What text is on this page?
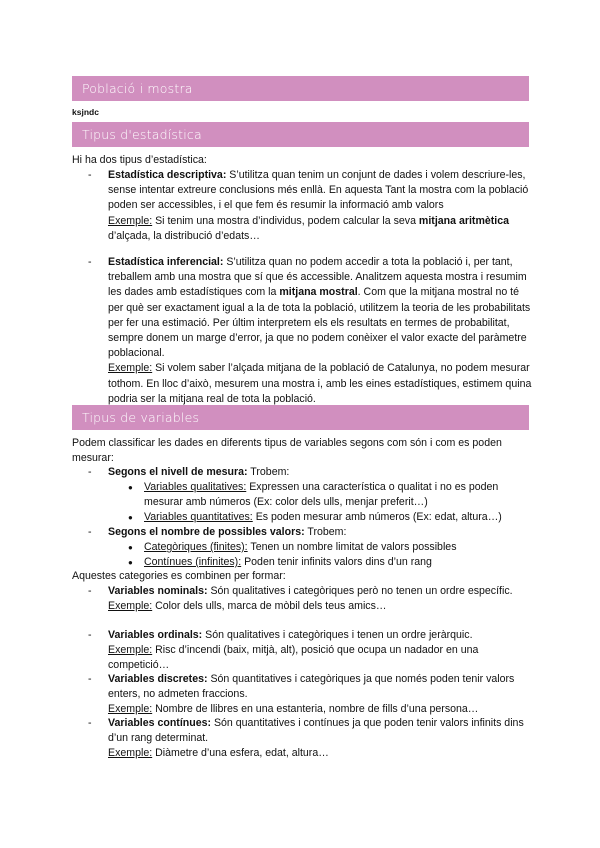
Població i mostra
ksjndc
Tipus d'estadística
Hi ha dos tipus d’estadística:
- Estadística descriptiva: S’utilitza quan tenim un conjunt de dades i volem descriure-les, sense intentar extreure conclusions més enllà. En aquesta Tant la mostra com la població poden ser accessibles, i el que fem és resumir la informació amb valors
Exemple: Si tenim una mostra d’individus, podem calcular la seva mitjana aritmètica d’alçada, la distribució d’edats…
- Estadística inferencial: S’utilitza quan no podem accedir a tota la població i, per tant, treballem amb una mostra que sí que és accessible. Analitzem aquesta mostra i resumim les dades amb estadístiques com la mitjana mostral. Com que la mitjana mostral no té per què ser exactament igual a la de tota la població, utilitzem la teoria de les probabilitats per fer una estimació. Per últim interpretem els els resultats en termes de probabilitat, sempre donem un marge d’error, ja que no podem conèixer el valor exacte del paràmetre poblacional.
Exemple: Si volem saber l’alçada mitjana de la població de Catalunya, no podem mesurar tothom. En lloc d’això, mesurem una mostra i, amb les eines estadístiques, estimem quina podria ser la mitjana real de tota la població.
Tipus de variables
Podem classificar les dades en diferents tipus de variables segons com són i com es poden mesurar:
- Segons el nivell de mesura: Trobem:
● Variables qualitatives: Expressen una característica o qualitat i no es poden mesurar amb números (Ex: color dels ulls, menjar preferit…)
● Variables quantitatives: Es poden mesurar amb números (Ex: edat, altura…)
- Segons el nombre de possibles valors: Trobem:
● Categòriques (finites): Tenen un nombre limitat de valors possibles
● Contínues (infinites): Poden tenir infinits valors dins d’un rang
Aquestes categories es combinen per formar:
- Variables nominals: Són qualitatives i categòriques però no tenen un ordre específic.
Exemple: Color dels ulls, marca de mòbil dels teus amics…
- Variables ordinals: Són qualitatives i categòriques i tenen un ordre jeràrquic.
Exemple: Risc d’incendi (baix, mitjà, alt), posició que ocupa un nadador en una competició…
- Variables discretes: Són quantitatives i categòriques ja que només poden tenir valors enters, no admeten fraccions.
Exemple: Nombre de llibres en una estanteria, nombre de fills d’una persona…
- Variables contínues: Són quantitatives i contínues ja que poden tenir valors infinits dins d’un rang determinat.
Exemple: Diàmetre d’una esfera, edat, altura…
